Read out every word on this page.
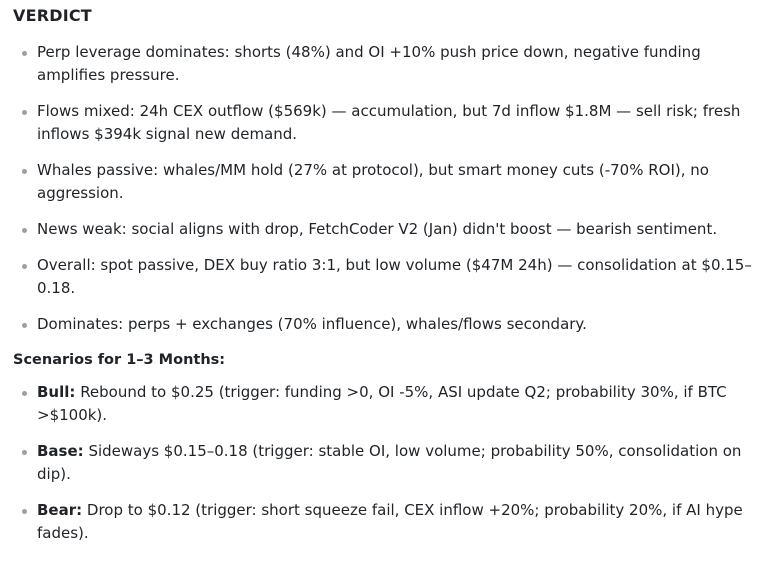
VERDICT
Perp leverage dominates: shorts (48%) and OI +10% push price down, negative funding amplifies pressure.
Flows mixed: 24h CEX outflow ($569k) — accumulation, but 7d inflow $1.8M — sell risk; fresh inflows $394k signal new demand.
Whales passive: whales/MM hold (27% at protocol), but smart money cuts (-70% ROI), no aggression.
News weak: social aligns with drop, FetchCoder V2 (Jan) didn't boost — bearish sentiment.
Overall: spot passive, DEX buy ratio 3:1, but low volume ($47M 24h) — consolidation at $0.15–0.18.
Dominates: perps + exchanges (70% influence), whales/flows secondary.
Scenarios for 1–3 Months:
Bull: Rebound to $0.25 (trigger: funding >0, OI -5%, ASI update Q2; probability 30%, if BTC >$100k).
Base: Sideways $0.15–0.18 (trigger: stable OI, low volume; probability 50%, consolidation on dip).
Bear: Drop to $0.12 (trigger: short squeeze fail, CEX inflow +20%; probability 20%, if AI hype fades).
